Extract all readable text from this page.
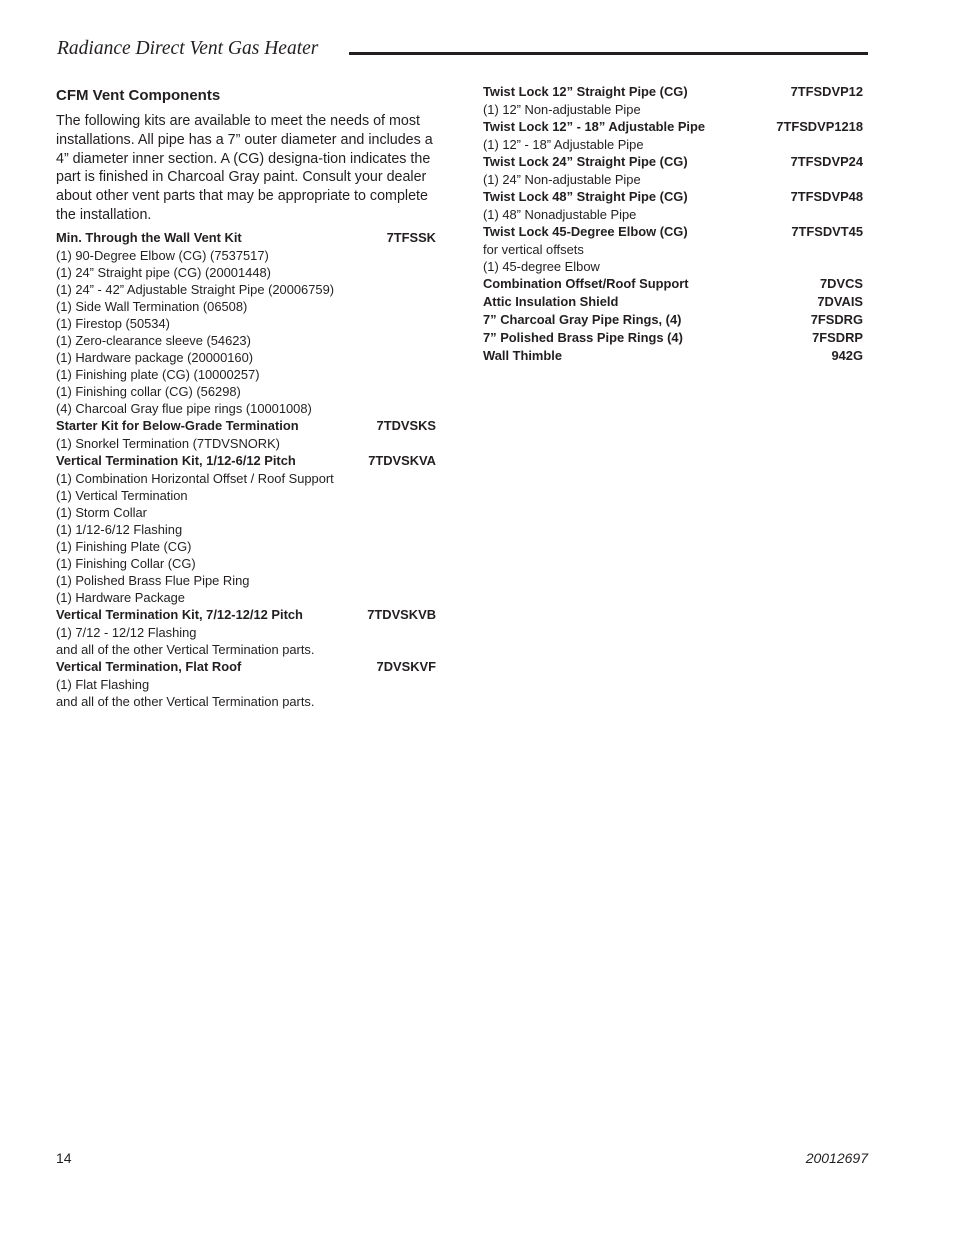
Radiance Direct Vent Gas Heater
CFM Vent Components

The following kits are available to meet the needs of most installations. All pipe has a 7” outer diameter and includes a 4” diameter inner section. A (CG) designa-tion indicates the part is finished in Charcoal Gray paint. Consult your dealer about other vent parts that may be appropriate to complete the installation.

Min. Through the Wall Vent Kit	7TFSSK
(1) 90-Degree Elbow (CG) (7537517)
(1) 24” Straight pipe (CG) (20001448)
(1) 24” - 42” Adjustable Straight Pipe (20006759)
(1) Side Wall Termination (06508)
(1) Firestop (50534)
(1) Zero-clearance sleeve (54623)
(1) Hardware package (20000160)
(1) Finishing plate (CG) (10000257)
(1) Finishing collar (CG) (56298)
(4) Charcoal Gray flue pipe rings (10001008)
Starter Kit for Below-Grade Termination	7TDVSKS
(1) Snorkel Termination (7TDVSNORK)
Vertical Termination Kit, 1/12-6/12 Pitch	7TDVSKVA
(1) Combination Horizontal Offset / Roof Support
(1) Vertical Termination
(1) Storm Collar
(1) 1/12-6/12 Flashing
(1) Finishing Plate (CG)
(1) Finishing Collar (CG)
(1) Polished Brass Flue Pipe Ring
(1) Hardware Package
Vertical Termination Kit, 7/12-12/12 Pitch	7TDVSKVB
(1) 7/12 - 12/12 Flashing
and all of the other Vertical Termination parts.
Vertical Termination, Flat Roof	7DVSKVF
(1) Flat Flashing
and all of the other Vertical Termination parts.
Twist Lock 12” Straight Pipe (CG)	7TFSDVP12
(1) 12” Non-adjustable Pipe
Twist Lock 12” - 18” Adjustable Pipe	7TFSDVP1218
(1) 12” - 18” Adjustable Pipe
Twist Lock 24” Straight Pipe (CG)	7TFSDVP24
(1) 24” Non-adjustable Pipe
Twist Lock 48” Straight Pipe (CG)	7TFSDVP48
(1) 48” Nonadjustable Pipe
Twist Lock 45-Degree Elbow (CG)	7TFSDVT45
for vertical offsets
(1) 45-degree Elbow
Combination Offset/Roof Support	7DVCS
Attic Insulation Shield	7DVAIS
7” Charcoal Gray Pipe Rings, (4)	7FSDRG
7” Polished Brass Pipe Rings (4)	7FSDRP
Wall Thimble	942G
14	20012697
